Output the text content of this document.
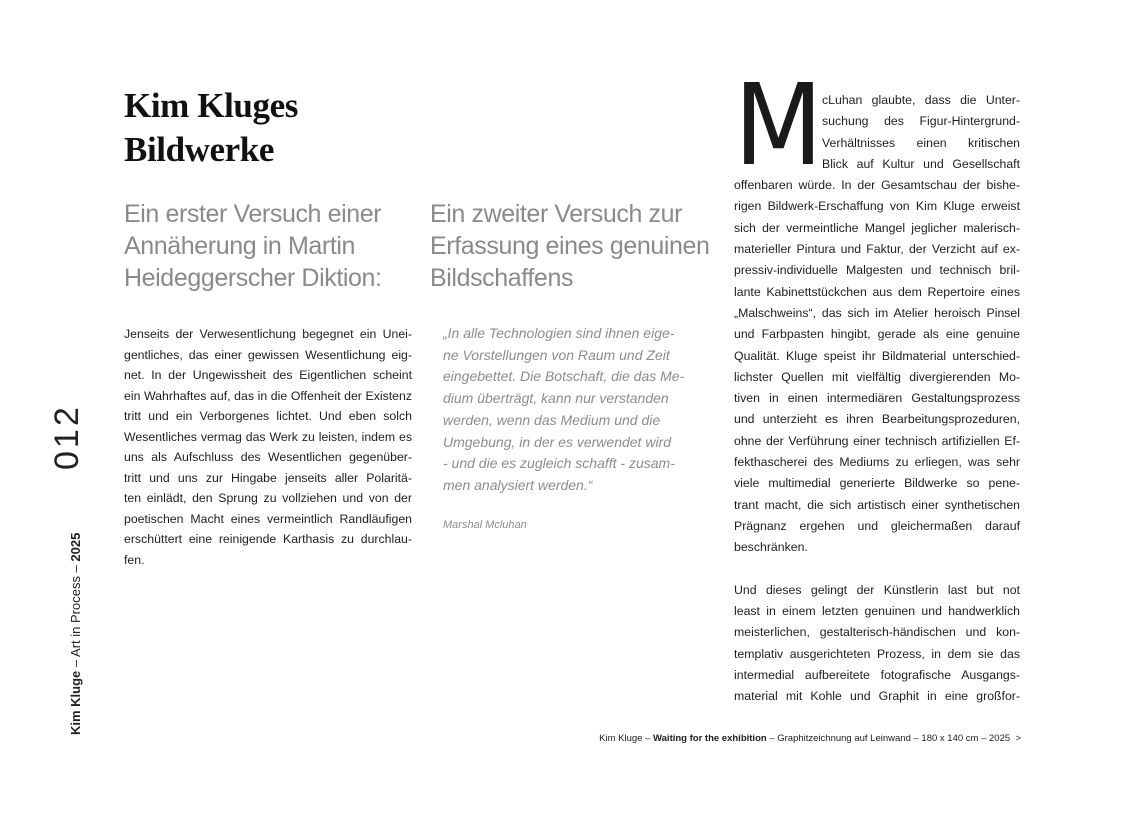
Kim Kluges
Bildwerke
Ein erster Versuch einer
Annäherung in Martin
Heideggerscher Diktion:
Ein zweiter Versuch zur
Erfassung eines genuinen
Bildschaffens
Jenseits der Verwesentlichung begegnet ein Unei-
gentliches, das einer gewissen Wesentlichung eig-
net. In der Ungewissheit des Eigentlichen scheint
ein Wahrhaftes auf, das in die Offenheit der Existenz
tritt und ein Verborgenes lichtet. Und eben solch
Wesentliches vermag das Werk zu leisten, indem es
uns als Aufschluss des Wesentlichen gegenüber-
tritt und uns zur Hingabe jenseits aller Polaritä-
ten einlädt, den Sprung zu vollziehen und von der
poetischen Macht eines vermeintlich Randläufigen
erschüttert eine reinigende Karthasis zu durchlau-
fen.
„In alle Technologien sind ihnen eige-
ne Vorstellungen von Raum und Zeit
eingebettet. Die Botschaft, die das Me-
dium überträgt, kann nur verstanden
werden, wenn das Medium und die
Umgebung, in der es verwendet wird
- und die es zugleich schafft - zusam-
men analysiert werden.“
Marshal Mcluhan
M cLuhan glaubte, dass die Unter-
suchung des Figur-Hintergrund-
Verhältnisses einen kritischen
Blick auf Kultur und Gesellschaft
offenbaren würde. In der Gesamtschau der bishe-
rigen Bildwerk-Erschaffung von Kim Kluge erweist
sich der vermeintliche Mangel jeglicher malerisch-
materieller Pintura und Faktur, der Verzicht auf ex-
pressiv-individuelle Malgesten und technisch bril-
lante Kabinettstückchen aus dem Repertoire eines
„Malschweins“, das sich im Atelier heroisch Pinsel
und Farbpasten hingibt, gerade als eine genuine
Qualität. Kluge speist ihr Bildmaterial unterschied-
lichster Quellen mit vielfältig divergierenden Mo-
tiven in einen intermediären Gestaltungsprozess
und unterzieht es ihren Bearbeitungsprozeduren,
ohne der Verführung einer technisch artifiziellen Ef-
fekthascherei des Mediums zu erliegen, was sehr
viele multimedial generierte Bildwerke so pene-
trant macht, die sich artistisch einer synthetischen
Prägnanz ergehen und gleichermaßen darauf
beschränken.
Und dieses gelingt der Künstlerin last but not
least in einem letzten genuinen und handwerklich
meisterlichen, gestalterisch-händischen und kon-
templativ ausgerichteten Prozess, in dem sie das
intermedial aufbereitete fotografische Ausgangs-
material mit Kohle und Graphit in eine großfor-
Kim Kluge – Waiting for the exhibition – Graphitzeichnung auf Leinwand – 180 x 140 cm – 2025 >
012
Kim Kluge – Art in Process – 2025
